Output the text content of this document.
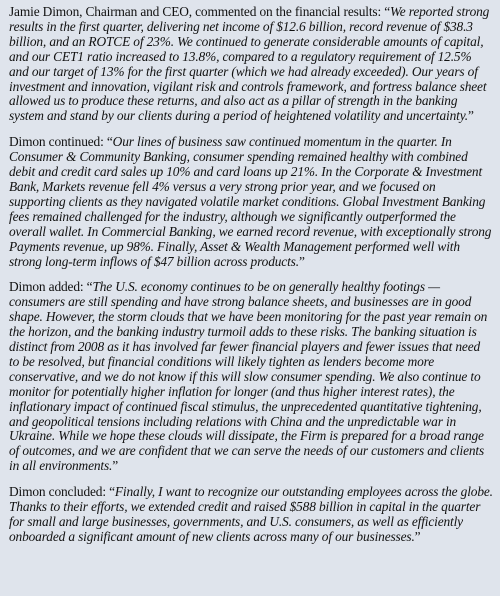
Jamie Dimon, Chairman and CEO, commented on the financial results: “We reported strong results in the first quarter, delivering net income of $12.6 billion, record revenue of $38.3 billion, and an ROTCE of 23%. We continued to generate considerable amounts of capital, and our CET1 ratio increased to 13.8%, compared to a regulatory requirement of 12.5% and our target of 13% for the first quarter (which we had already exceeded). Our years of investment and innovation, vigilant risk and controls framework, and fortress balance sheet allowed us to produce these returns, and also act as a pillar of strength in the banking system and stand by our clients during a period of heightened volatility and uncertainty.”

Dimon continued: “Our lines of business saw continued momentum in the quarter. In Consumer & Community Banking, consumer spending remained healthy with combined debit and credit card sales up 10% and card loans up 21%. In the Corporate & Investment Bank, Markets revenue fell 4% versus a very strong prior year, and we focused on supporting clients as they navigated volatile market conditions. Global Investment Banking fees remained challenged for the industry, although we significantly outperformed the overall wallet. In Commercial Banking, we earned record revenue, with exceptionally strong Payments revenue, up 98%. Finally, Asset & Wealth Management performed well with strong long-term inflows of $47 billion across products.”

Dimon added: “The U.S. economy continues to be on generally healthy footings —consumers are still spending and have strong balance sheets, and businesses are in good shape. However, the storm clouds that we have been monitoring for the past year remain on the horizon, and the banking industry turmoil adds to these risks. The banking situation is distinct from 2008 as it has involved far fewer financial players and fewer issues that need to be resolved, but financial conditions will likely tighten as lenders become more conservative, and we do not know if this will slow consumer spending. We also continue to monitor for potentially higher inflation for longer (and thus higher interest rates), the inflationary impact of continued fiscal stimulus, the unprecedented quantitative tightening, and geopolitical tensions including relations with China and the unpredictable war in Ukraine. While we hope these clouds will dissipate, the Firm is prepared for a broad range of outcomes, and we are confident that we can serve the needs of our customers and clients in all environments.”

Dimon concluded: “Finally, I want to recognize our outstanding employees across the globe. Thanks to their efforts, we extended credit and raised $588 billion in capital in the quarter for small and large businesses, governments, and U.S. consumers, as well as efficiently onboarded a significant amount of new clients across many of our businesses.”
